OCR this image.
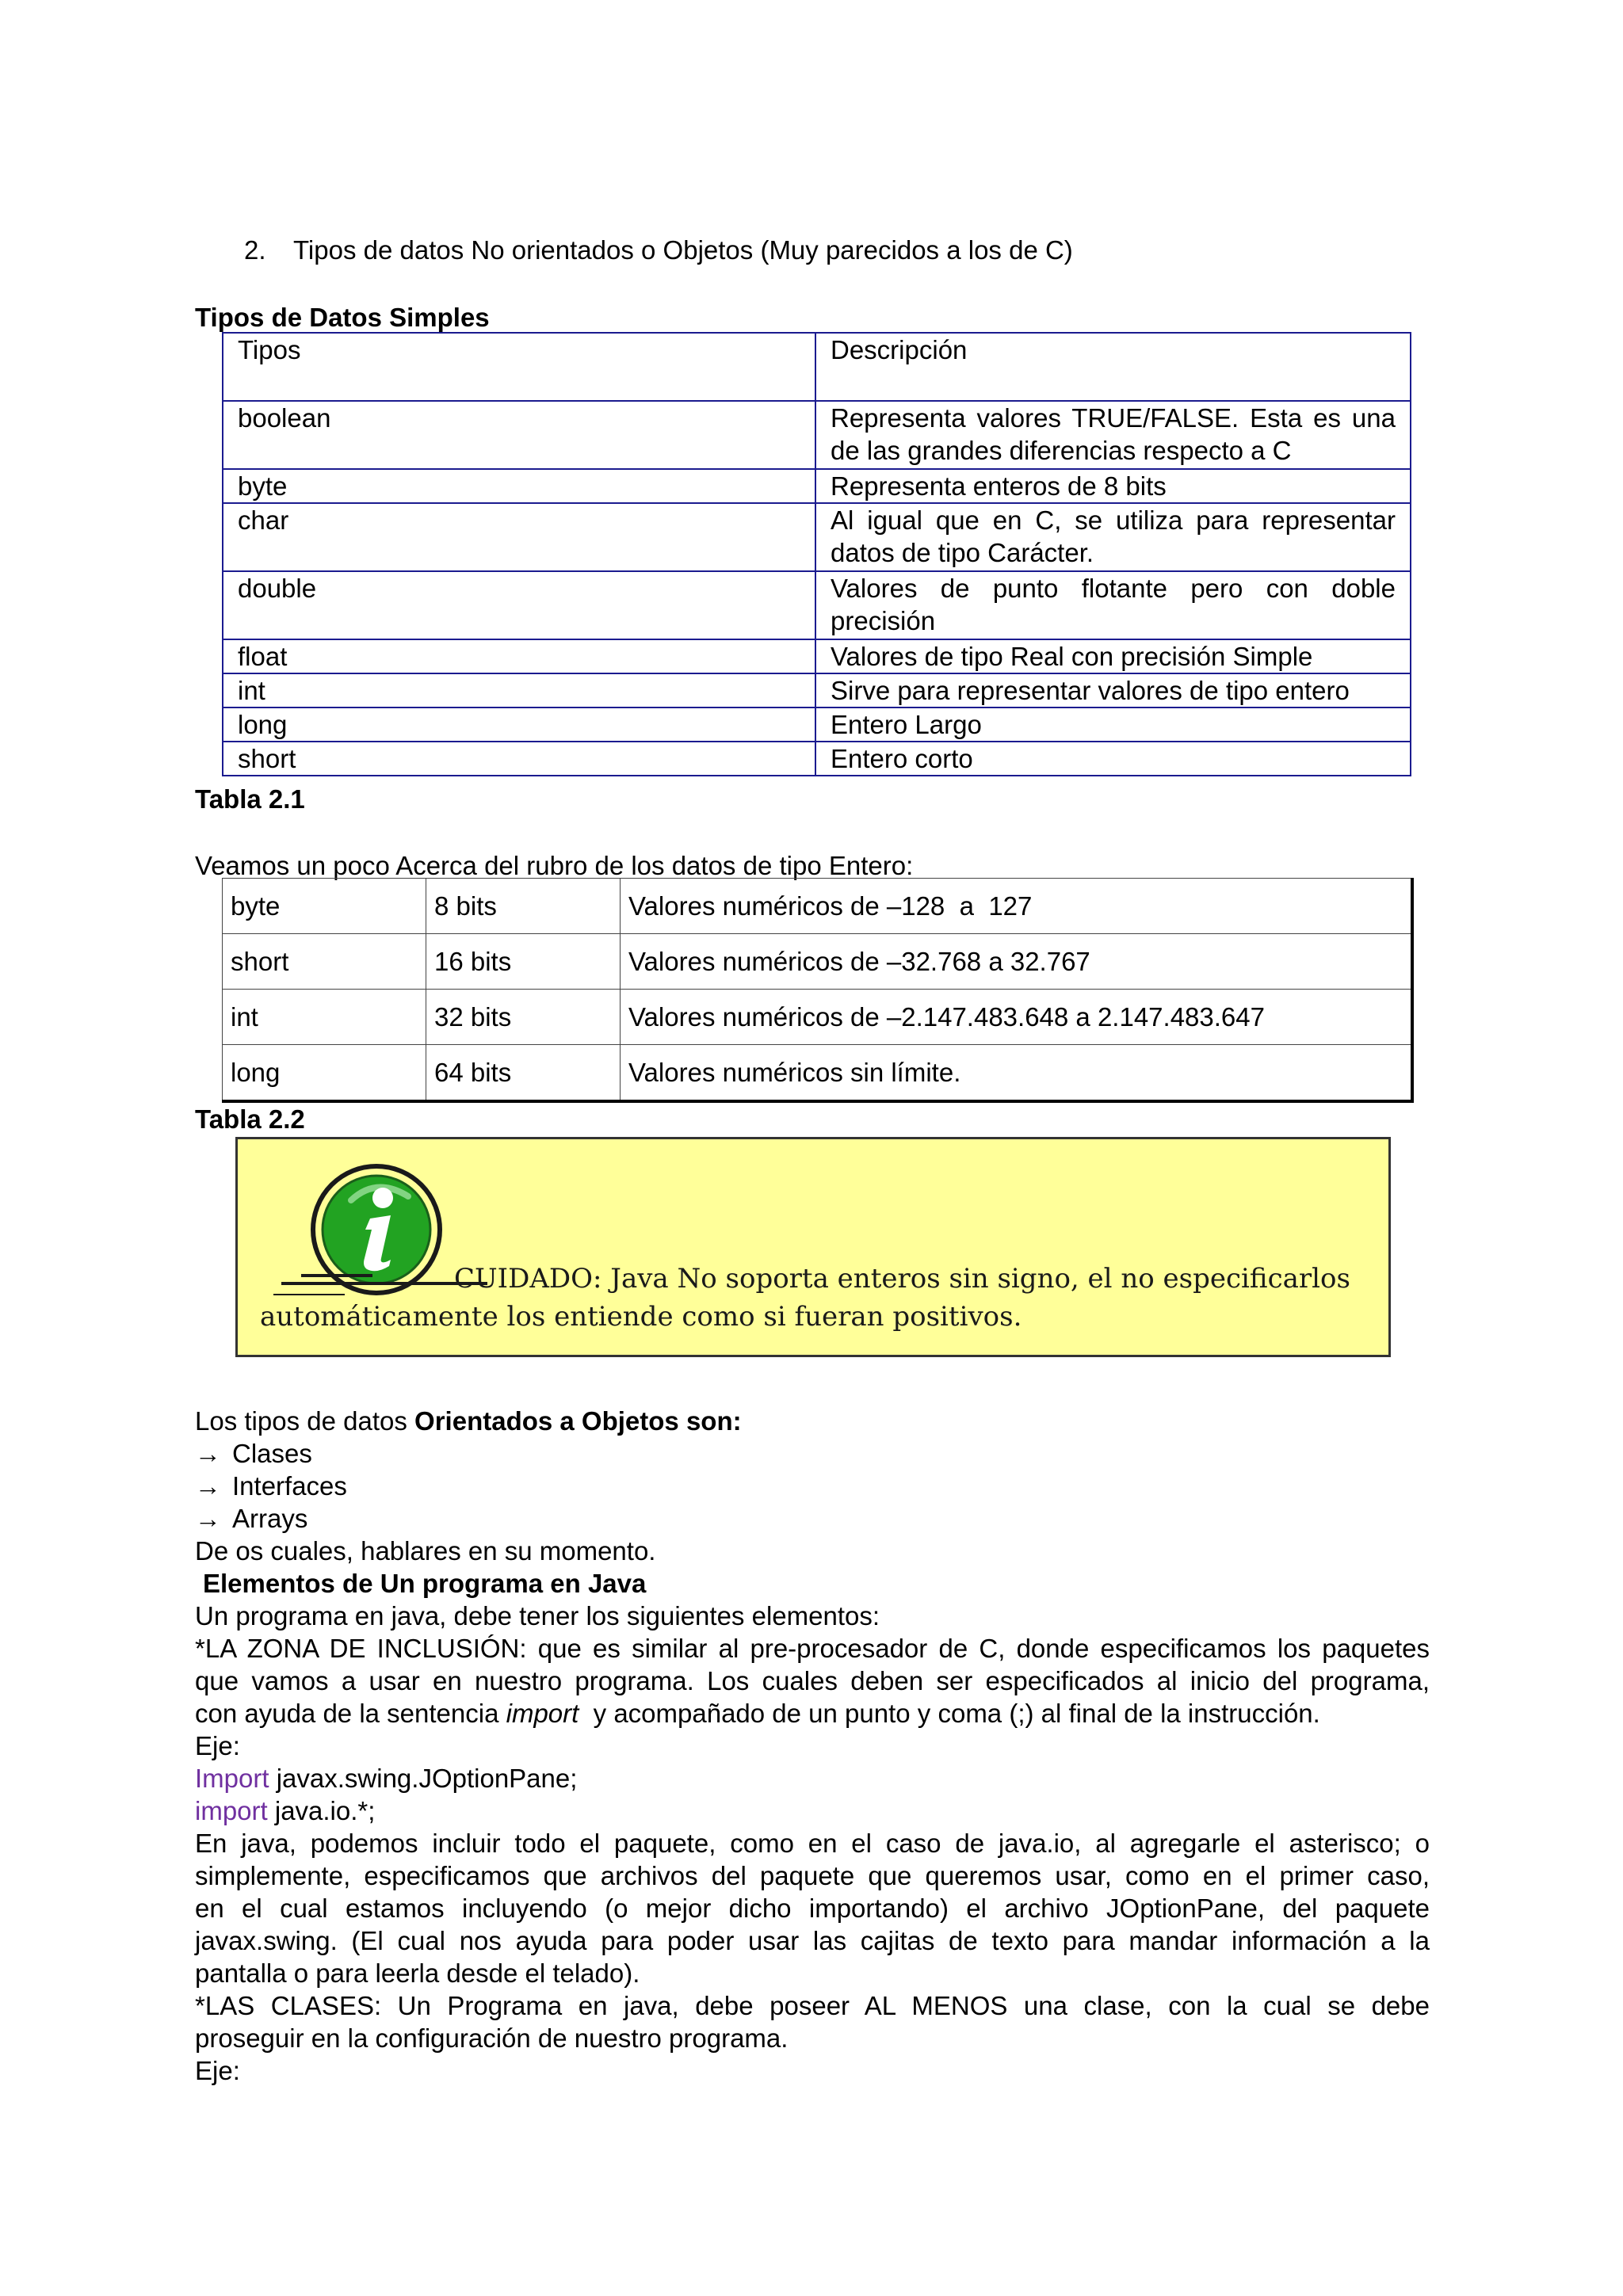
2. Tipos de datos No orientados o Objetos (Muy parecidos a los de C)
Tipos de Datos Simples
Tipos	Descripción
boolean	Representa valores TRUE/FALSE. Esta es una de las grandes diferencias respecto a C
byte	Representa enteros de 8 bits
char	Al igual que en C, se utiliza para representar datos de tipo Carácter.
double	Valores de punto flotante pero con doble precisión
float	Valores de tipo Real con precisión Simple
int	Sirve para representar valores de tipo entero
long	Entero Largo
short	Entero corto
Tabla 2.1
Veamos un poco Acerca del rubro de los datos de tipo Entero:
byte	8 bits	Valores numéricos de –128  a  127
short	16 bits	Valores numéricos de –32.768 a 32.767
int	32 bits	Valores numéricos de –2.147.483.648 a 2.147.483.647
long	64 bits	Valores numéricos sin límite.
Tabla 2.2
CUIDADO: Java No soporta enteros sin signo, el no especificarlos
automáticamente los entiende como si fueran positivos.
Los tipos de datos Orientados a Objetos son:
→ Clases
→ Interfaces
→ Arrays
De os cuales, hablares en su momento.
Elementos de Un programa en Java
Un programa en java, debe tener los siguientes elementos:
*LA ZONA DE INCLUSIÓN: que es similar al pre-procesador de C, donde especificamos los paquetes
que vamos a usar en nuestro programa. Los cuales deben ser especificados al inicio del programa,
con ayuda de la sentencia import  y acompañado de un punto y coma (;) al final de la instrucción.
Eje:
Import javax.swing.JOptionPane;
import java.io.*;
En java, podemos incluir todo el paquete, como en el caso de java.io, al agregarle el asterisco; o
simplemente, especificamos que archivos del paquete que queremos usar, como en el primer caso,
en el cual estamos incluyendo (o mejor dicho importando) el archivo JOptionPane, del paquete
javax.swing. (El cual nos ayuda para poder usar las cajitas de texto para mandar información a la
pantalla o para leerla desde el telado).
*LAS CLASES: Un Programa en java, debe poseer AL MENOS una clase, con la cual se debe
proseguir en la configuración de nuestro programa.
Eje:
